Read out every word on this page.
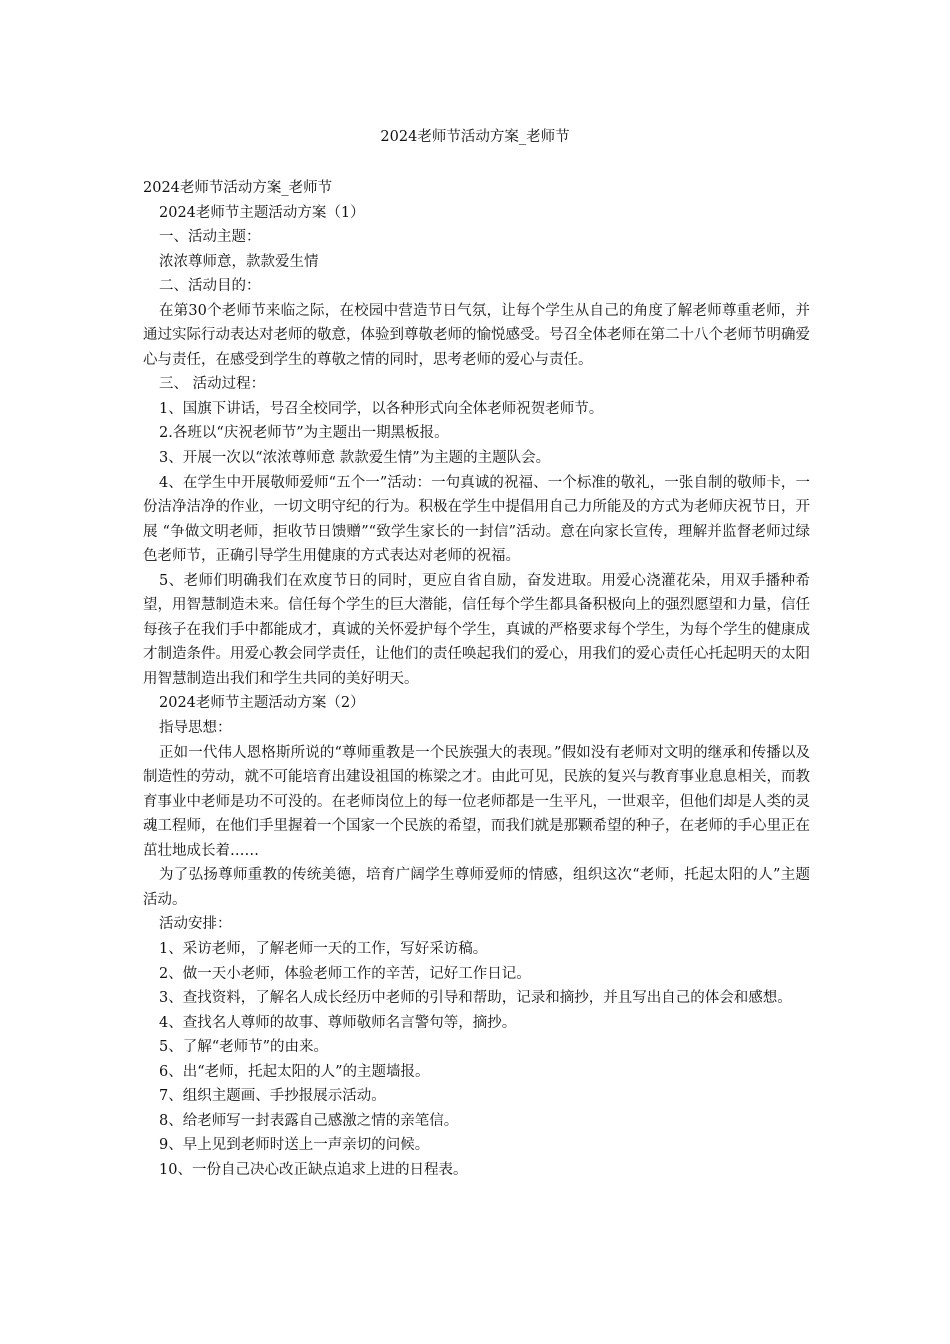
2024老师节活动方案_老师节

2024老师节活动方案_老师节

2024老师节主题活动方案（1）

一、活动主题：

浓浓尊师意，款款爱生情

二、活动目的：

在第30个老师节来临之际，在校园中营造节日气氛，让每个学生从自己的角度了解老师尊重老师，并通过实际行动表达对老师的敬意，体验到尊敬老师的愉悦感受。号召全体老师在第二十八个老师节明确爱心与责任，在感受到学生的尊敬之情的同时，思考老师的爱心与责任。

三、 活动过程：

1、国旗下讲话，号召全校同学，以各种形式向全体老师祝贺老师节。

2.各班以“庆祝老师节”为主题出一期黑板报。

3、开展一次以“浓浓尊师意 款款爱生情”为主题的主题队会。

4、在学生中开展敬师爱师“五个一”活动：一句真诚的祝福、一个标准的敬礼，一张自制的敬师卡，一份洁净洁净的作业，一切文明守纪的行为。积极在学生中提倡用自己力所能及的方式为老师庆祝节日，开展 “争做文明老师，拒收节日馈赠”“致学生家长的一封信”活动。意在向家长宣传，理解并监督老师过绿色老师节，正确引导学生用健康的方式表达对老师的祝福。

5、老师们明确我们在欢度节日的同时，更应自省自励，奋发进取。用爱心浇灌花朵，用双手播种希望，用智慧制造未来。信任每个学生的巨大潜能，信任每个学生都具备积极向上的强烈愿望和力量，信任每孩子在我们手中都能成才，真诚的关怀爱护每个学生，真诚的严格要求每个学生，为每个学生的健康成才制造条件。用爱心教会同学责任，让他们的责任唤起我们的爱心，用我们的爱心责任心托起明天的太阳用智慧制造出我们和学生共同的美好明天。

2024老师节主题活动方案（2）

指导思想：

正如一代伟人恩格斯所说的“尊师重教是一个民族强大的表现。”假如没有老师对文明的继承和传播以及制造性的劳动，就不可能培育出建设祖国的栋梁之才。由此可见，民族的复兴与教育事业息息相关，而教育事业中老师是功不可没的。在老师岗位上的每一位老师都是一生平凡，一世艰辛，但他们却是人类的灵魂工程师，在他们手里握着一个国家一个民族的希望，而我们就是那颗希望的种子，在老师的手心里正在茁壮地成长着……

为了弘扬尊师重教的传统美德，培育广阔学生尊师爱师的情感，组织这次“老师，托起太阳的人”主题活动。

活动安排：

1、采访老师，了解老师一天的工作，写好采访稿。

2、做一天小老师，体验老师工作的辛苦，记好工作日记。

3、查找资料，了解名人成长经历中老师的引导和帮助，记录和摘抄，并且写出自己的体会和感想。

4、查找名人尊师的故事、尊师敬师名言警句等，摘抄。

5、了解“老师节”的由来。

6、出“老师，托起太阳的人”的主题墙报。

7、组织主题画、手抄报展示活动。

8、给老师写一封表露自己感激之情的亲笔信。

9、早上见到老师时送上一声亲切的问候。

10、一份自己决心改正缺点追求上进的日程表。
